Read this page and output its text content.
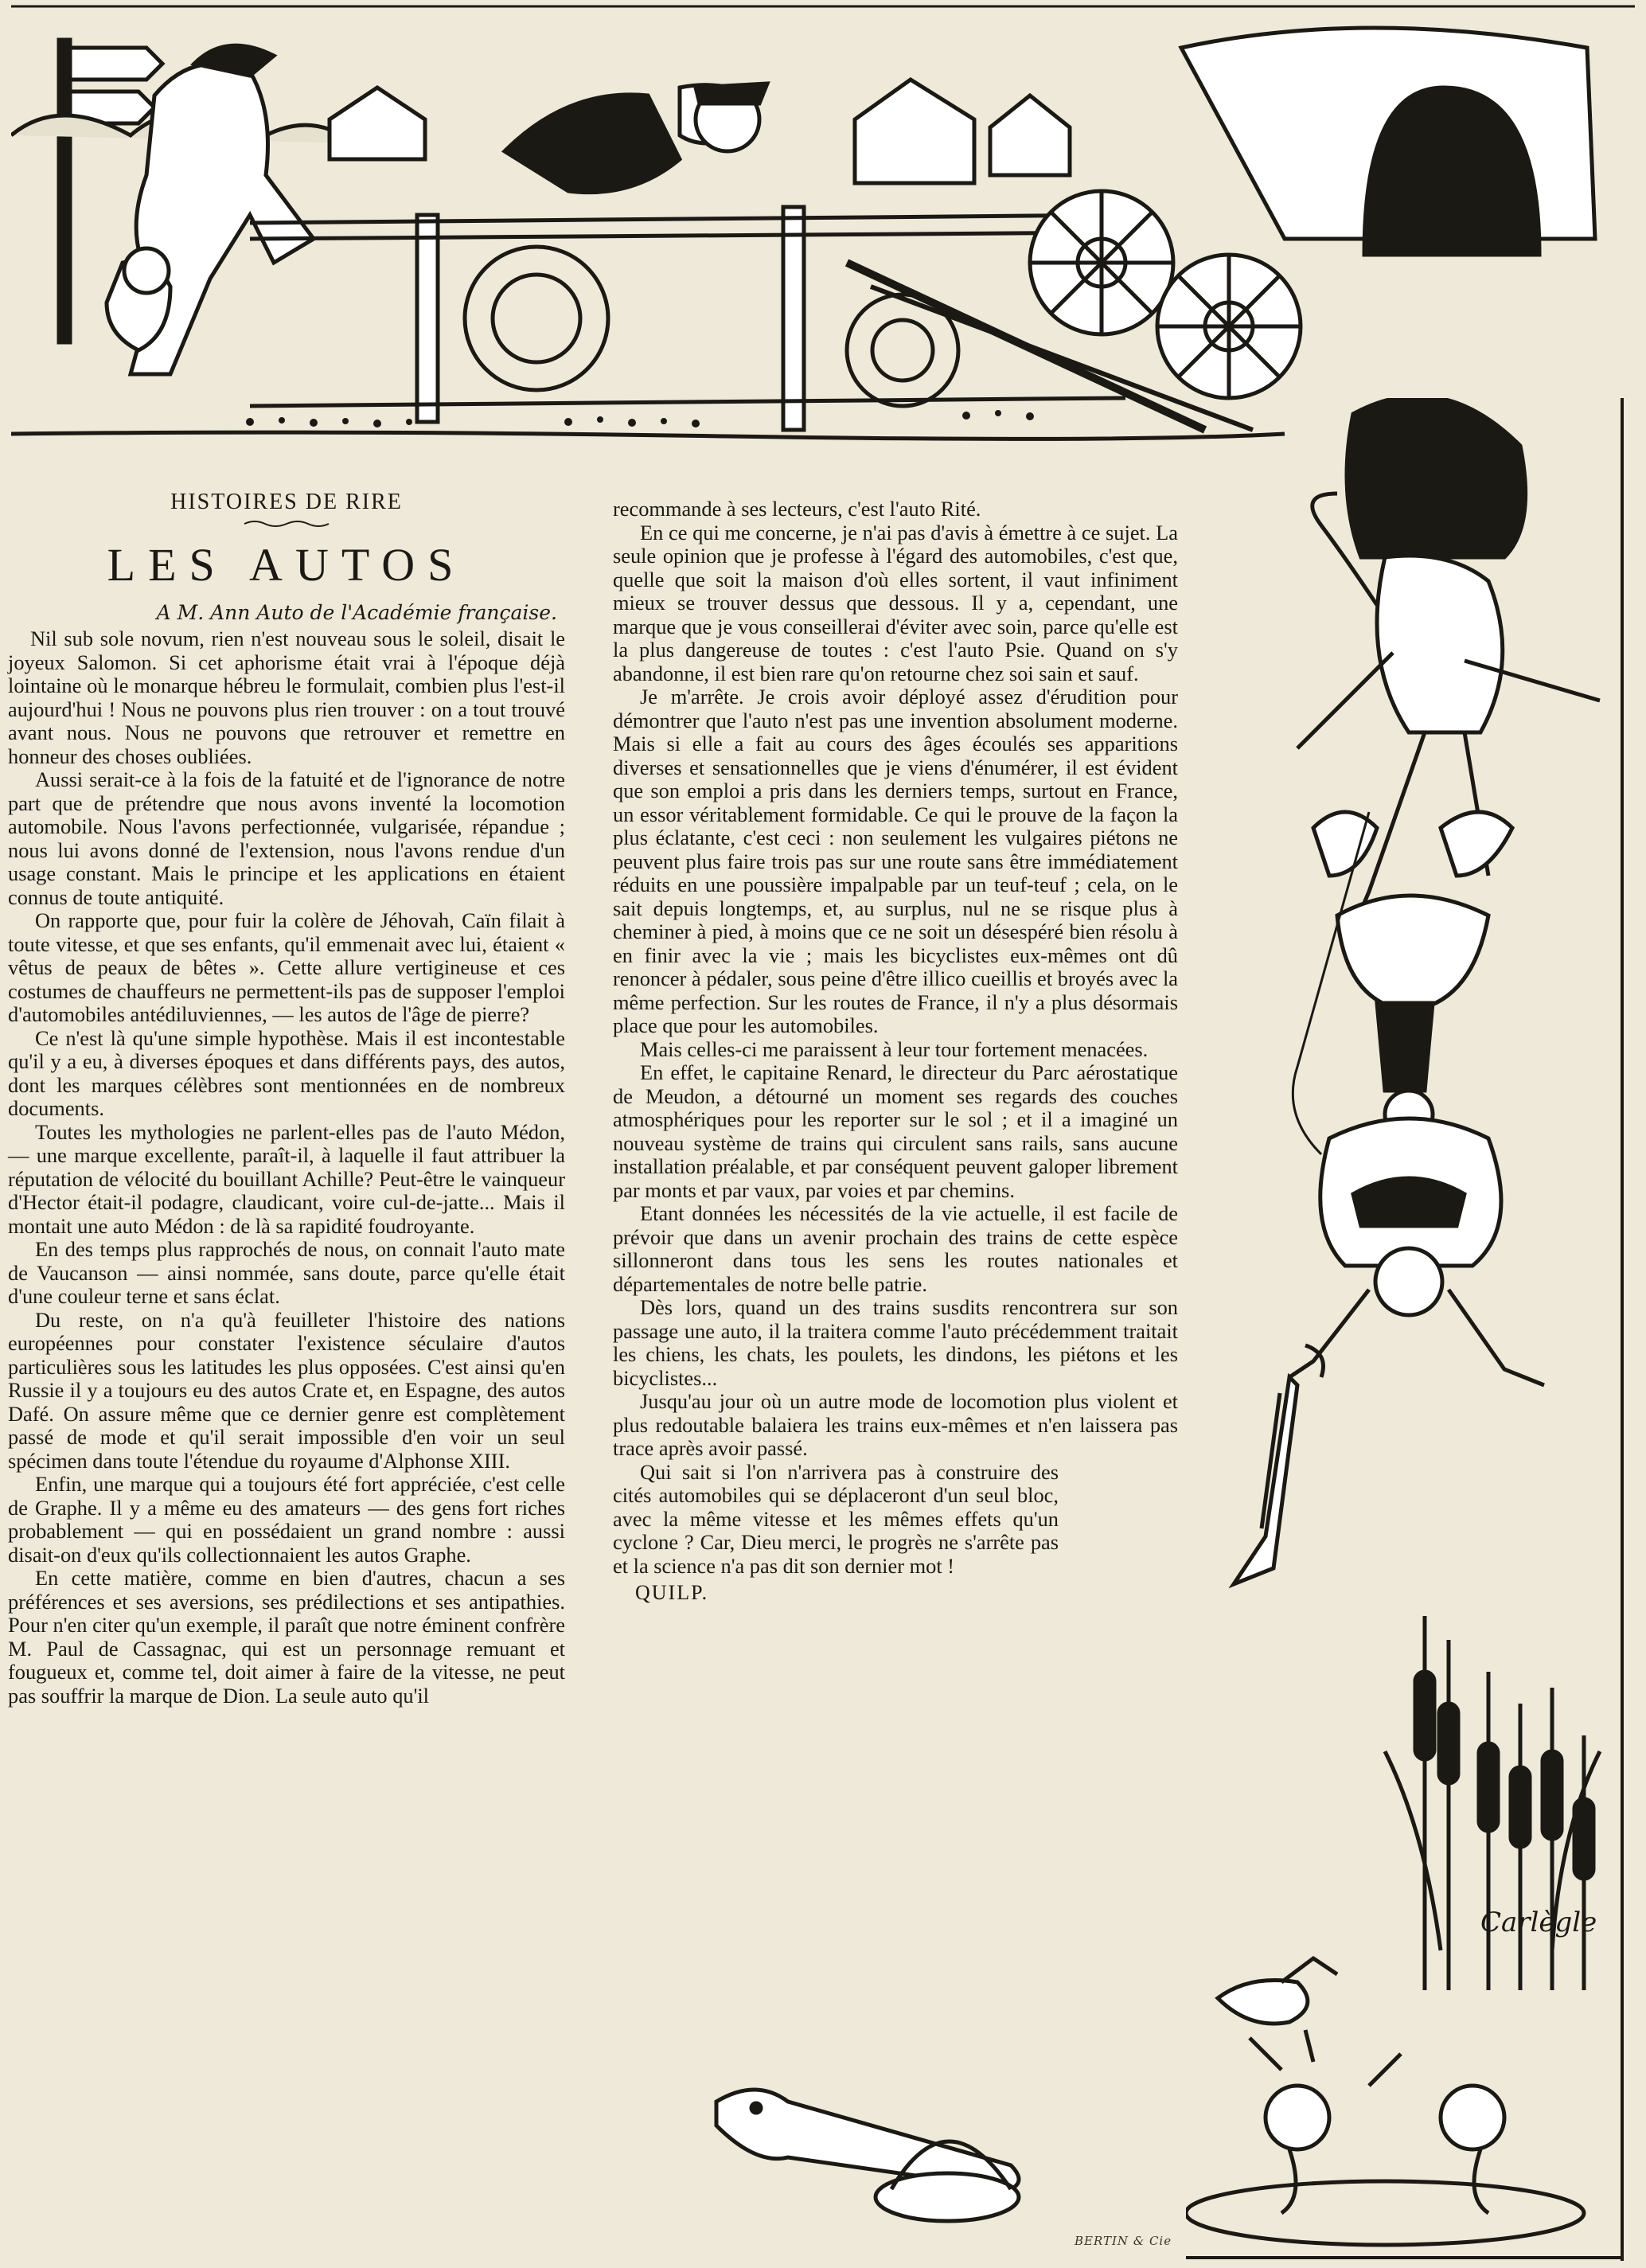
Carlègle
BERTIN & Cie
HISTOIRES DE RIRE
LES AUTOS
A M. Ann Auto de l'Académie française.

Nil sub sole novum, rien n'est nouveau sous le soleil, disait le joyeux Salomon. Si cet aphorisme était vrai à l'époque déjà lointaine où le monarque hébreu le formulait, combien plus l'est-il aujourd'hui ! Nous ne pouvons plus rien trouver : on a tout trouvé avant nous. Nous ne pouvons que retrouver et remettre en honneur des choses oubliées.

Aussi serait-ce à la fois de la fatuité et de l'ignorance de notre part que de prétendre que nous avons inventé la locomotion automobile. Nous l'avons perfectionnée, vulgarisée, répandue ; nous lui avons donné de l'extension, nous l'avons rendue d'un usage constant. Mais le principe et les applications en étaient connus de toute antiquité.

On rapporte que, pour fuir la colère de Jéhovah, Caïn filait à toute vitesse, et que ses enfants, qu'il emmenait avec lui, étaient « vêtus de peaux de bêtes ». Cette allure vertigineuse et ces costumes de chauffeurs ne permettent-ils pas de supposer l'emploi d'automobiles antédiluviennes, — les autos de l'âge de pierre?

Ce n'est là qu'une simple hypothèse. Mais il est incontestable qu'il y a eu, à diverses époques et dans différents pays, des autos, dont les marques célèbres sont mentionnées en de nombreux documents.

Toutes les mythologies ne parlent-elles pas de l'auto Médon, — une marque excellente, paraît-il, à laquelle il faut attribuer la réputation de vélocité du bouillant Achille? Peut-être le vainqueur d'Hector était-il podagre, claudicant, voire cul-de-jatte... Mais il montait une auto Médon : de là sa rapidité foudroyante.

En des temps plus rapprochés de nous, on connait l'auto mate de Vaucanson — ainsi nommée, sans doute, parce qu'elle était d'une couleur terne et sans éclat.

Du reste, on n'a qu'à feuilleter l'histoire des nations européennes pour constater l'existence séculaire d'autos particulières sous les latitudes les plus opposées. C'est ainsi qu'en Russie il y a toujours eu des autos Crate et, en Espagne, des autos Dafé. On assure même que ce dernier genre est complètement passé de mode et qu'il serait impossible d'en voir un seul spécimen dans toute l'étendue du royaume d'Alphonse XIII.

Enfin, une marque qui a toujours été fort appréciée, c'est celle de Graphe. Il y a même eu des amateurs — des gens fort riches probablement — qui en possédaient un grand nombre : aussi disait-on d'eux qu'ils collectionnaient les autos Graphe.

En cette matière, comme en bien d'autres, chacun a ses préférences et ses aversions, ses prédilections et ses antipathies. Pour n'en citer qu'un exemple, il paraît que notre éminent confrère M. Paul de Cassagnac, qui est un personnage remuant et fougueux et, comme tel, doit aimer à faire de la vitesse, ne peut pas souffrir la marque de Dion. La seule auto qu'il

recommande à ses lecteurs, c'est l'auto Rité.

En ce qui me concerne, je n'ai pas d'avis à émettre à ce sujet. La seule opinion que je professe à l'égard des automobiles, c'est que, quelle que soit la maison d'où elles sortent, il vaut infiniment mieux se trouver dessus que dessous. Il y a, cependant, une marque que je vous conseillerai d'éviter avec soin, parce qu'elle est la plus dangereuse de toutes : c'est l'auto Psie. Quand on s'y abandonne, il est bien rare qu'on retourne chez soi sain et sauf.

Je m'arrête. Je crois avoir déployé assez d'érudition pour démontrer que l'auto n'est pas une invention absolument moderne. Mais si elle a fait au cours des âges écoulés ses apparitions diverses et sensationnelles que je viens d'énumérer, il est évident que son emploi a pris dans les derniers temps, surtout en France, un essor véritablement formidable. Ce qui le prouve de la façon la plus éclatante, c'est ceci : non seulement les vulgaires piétons ne peuvent plus faire trois pas sur une route sans être immédiatement réduits en une poussière impalpable par un teuf-teuf ; cela, on le sait depuis longtemps, et, au surplus, nul ne se risque plus à cheminer à pied, à moins que ce ne soit un désespéré bien résolu à en finir avec la vie ; mais les bicyclistes eux-mêmes ont dû renoncer à pédaler, sous peine d'être illico cueillis et broyés avec la même perfection. Sur les routes de France, il n'y a plus désormais place que pour les automobiles.

Mais celles-ci me paraissent à leur tour fortement menacées.

En effet, le capitaine Renard, le directeur du Parc aérostatique de Meudon, a détourné un moment ses regards des couches atmosphériques pour les reporter sur le sol ; et il a imaginé un nouveau système de trains qui circulent sans rails, sans aucune installation préalable, et par conséquent peuvent galoper librement par monts et par vaux, par voies et par chemins.

Etant données les nécessités de la vie actuelle, il est facile de prévoir que dans un avenir prochain des trains de cette espèce sillonneront dans tous les sens les routes nationales et départementales de notre belle patrie.

Dès lors, quand un des trains susdits rencontrera sur son passage une auto, il la traitera comme l'auto précédemment traitait les chiens, les chats, les poulets, les dindons, les piétons et les bicyclistes...

Jusqu'au jour où un autre mode de locomotion plus violent et plus redoutable balaiera les trains eux-mêmes et n'en laissera pas trace après avoir passé.

Qui sait si l'on n'arrivera pas à construire des cités automobiles qui se déplaceront d'un seul bloc, avec la même vitesse et les mêmes effets qu'un cyclone ? Car, Dieu merci, le progrès ne s'arrête pas et la science n'a pas dit son dernier mot !

QUILP.
